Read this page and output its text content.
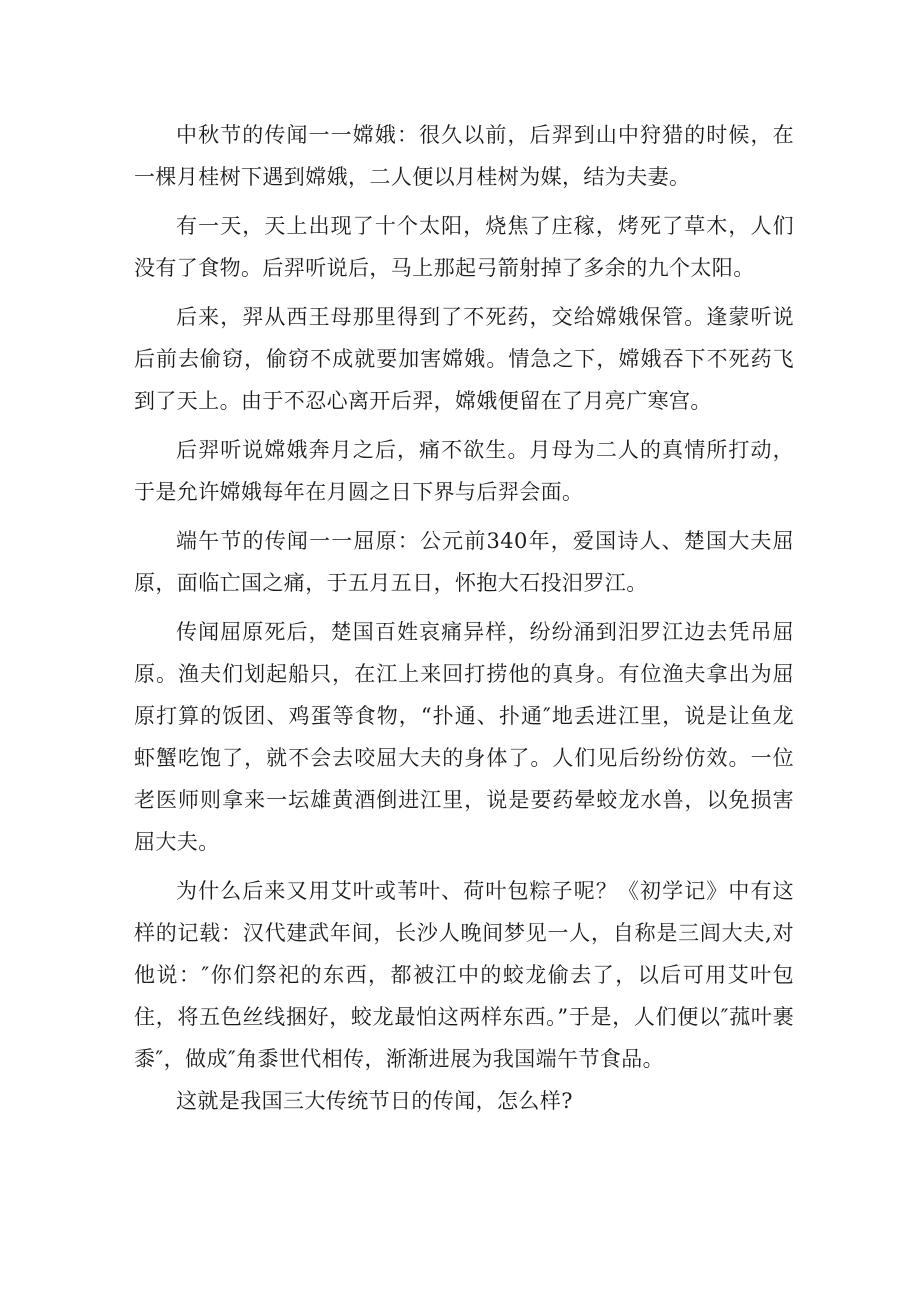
中秋节的传闻一一嫦娥：很久以前，后羿到山中狩猎的时候，在一棵月桂树下遇到嫦娥，二人便以月桂树为媒，结为夫妻。

有一天，天上出现了十个太阳，烧焦了庄稼，烤死了草木，人们没有了食物。后羿听说后，马上那起弓箭射掉了多余的九个太阳。

后来，羿从西王母那里得到了不死药，交给嫦娥保管。逢蒙听说后前去偷窃，偷窃不成就要加害嫦娥。情急之下，嫦娥吞下不死药飞到了天上。由于不忍心离开后羿，嫦娥便留在了月亮广寒宫。

后羿听说嫦娥奔月之后，痛不欲生。月母为二人的真情所打动，于是允许嫦娥每年在月圆之日下界与后羿会面。

端午节的传闻一一屈原：公元前340年，爱国诗人、楚国大夫屈原，面临亡国之痛，于五月五日，怀抱大石投汨罗江。

传闻屈原死后，楚国百姓哀痛异样，纷纷涌到汨罗江边去凭吊屈原。渔夫们划起船只，在江上来回打捞他的真身。有位渔夫拿出为屈原打算的饭团、鸡蛋等食物，“扑通、扑通″地丢进江里，说是让鱼龙虾蟹吃饱了，就不会去咬屈大夫的身体了。人们见后纷纷仿效。一位老医师则拿来一坛雄黄酒倒进江里，说是要药晕蛟龙水兽，以免损害屈大夫。

为什么后来又用艾叶或苇叶、荷叶包粽子呢？《初学记》中有这样的记载：汉代建武年间，长沙人晚间梦见一人，自称是三闾大夫,对他说：″你们祭祀的东西，都被江中的蛟龙偷去了，以后可用艾叶包住，将五色丝线捆好，蛟龙最怕这两样东西。”于是，人们便以″菰叶裹黍″，做成″角黍世代相传，渐渐进展为我国端午节食品。

这就是我国三大传统节日的传闻，怎么样?
